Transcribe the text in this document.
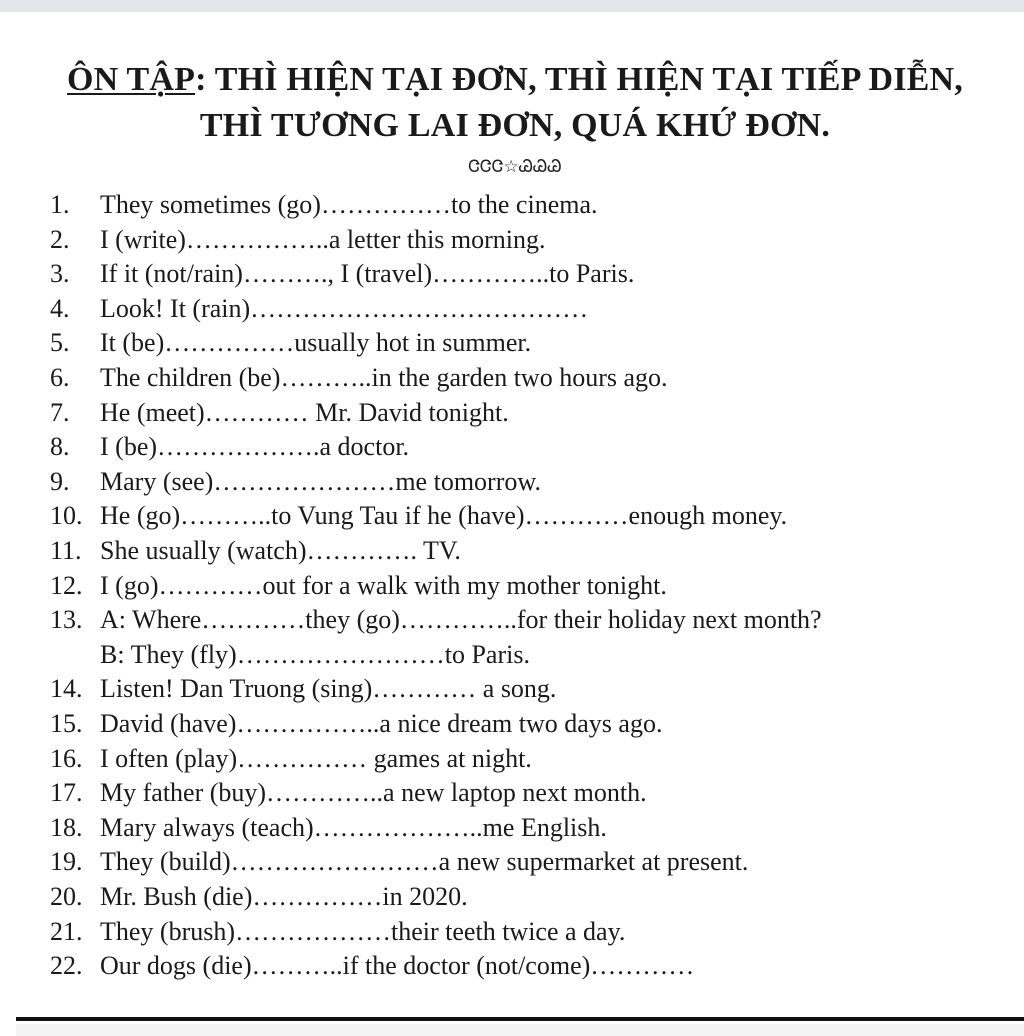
ÔN TẬP: THÌ HIỆN TẠI ĐƠN, THÌ HIỆN TẠI TIẾP DIỄN,
THÌ TƯƠNG LAI ĐƠN, QUÁ KHỨ ĐƠN.
ᏣᏣᏣ☆ᏊᏊᏊ
1. They sometimes (go)……………to the cinema.
2. I (write)……………..a letter this morning.
3. If it (not/rain)………., I (travel)…………..to Paris.
4. Look! It (rain)…………………………………
5. It (be)……………usually hot in summer.
6. The children (be)………..in the garden two hours ago.
7. He (meet)………… Mr. David tonight.
8. I (be)……………….a doctor.
9. Mary (see)…………………me tomorrow.
10. He (go)………..to Vung Tau if he (have)…………enough money.
11. She usually (watch)…………. TV.
12. I (go)…………out for a walk with my mother tonight.
13. A: Where…………they (go)…………..for their holiday next month?
B: They (fly)……………………to Paris.
14. Listen! Dan Truong (sing)………… a song.
15. David (have)……………..a nice dream two days ago.
16. I often (play)…………… games at night.
17. My father (buy)…………..a new laptop next month.
18. Mary always (teach)………………..me English.
19. They (build)……………………a new supermarket at present.
20. Mr. Bush (die)……………in 2020.
21. They (brush)………………their teeth twice a day.
22. Our dogs (die)………..if the doctor (not/come)…………
